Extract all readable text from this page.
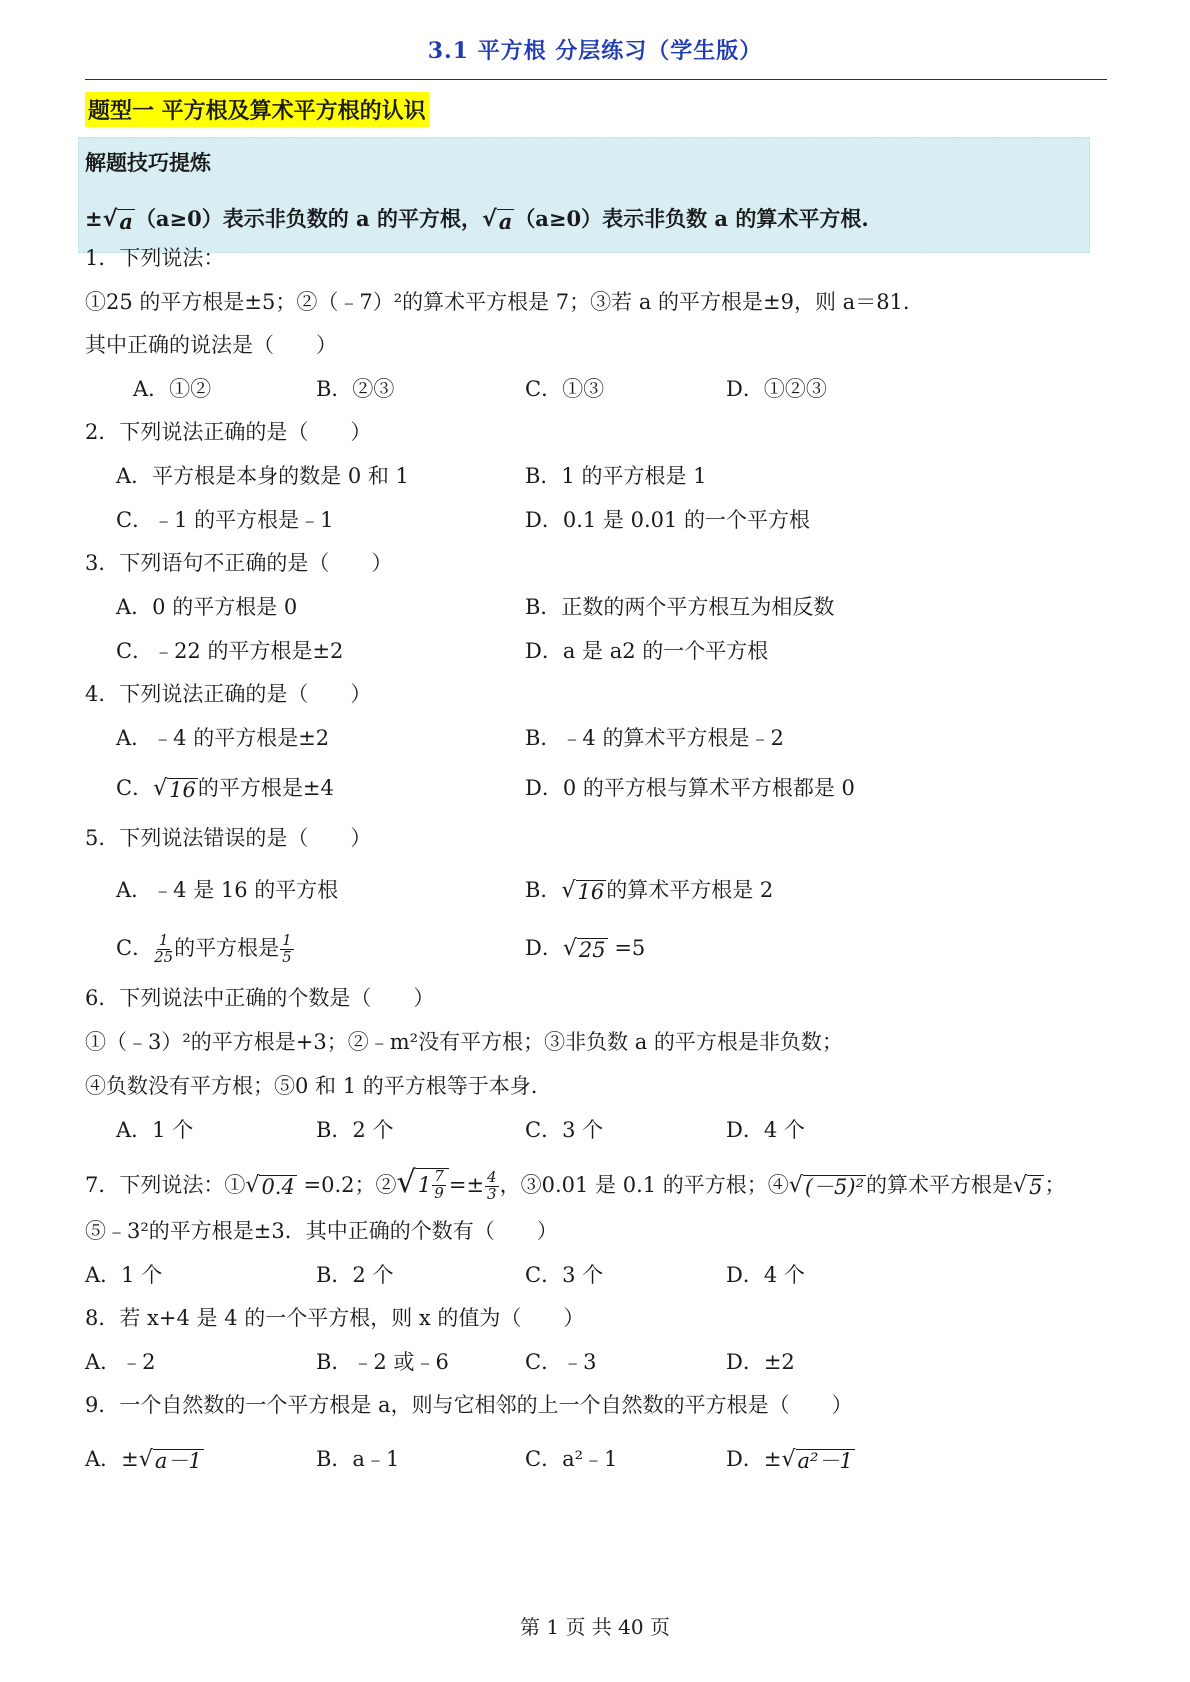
3.1 平方根 分层练习（学生版）
题型一 平方根及算术平方根的认识
解题技巧提炼
± √ a （a≥0）表示非负数的 a 的平方根， √ a （a≥0）表示非负数 a 的算术平方根.
1．下列说法：
①25 的平方根是±5；②（﹣7）²的算术平方根是 7；③若 a 的平方根是±9，则 a＝81.
其中正确的说法是（　　）
A．①②	B．②③	C．①③	D．①②③
2．下列说法正确的是（　　）
A．平方根是本身的数是 0 和 1	B．1 的平方根是 1
C．﹣1 的平方根是﹣1	D．0.1 是 0.01 的一个平方根
3．下列语句不正确的是（　　）
A．0 的平方根是 0	B．正数的两个平方根互为相反数
C．﹣22 的平方根是±2	D．a 是 a2 的一个平方根
4．下列说法正确的是（　　）
A．﹣4 的平方根是±2	B．﹣4 的算术平方根是﹣2
C． √ 16 的平方根是±4	D．0 的平方根与算术平方根都是 0
5．下列说法错误的是（　　）
A．﹣4 是 16 的平方根	B． √ 16 的算术平方根是 2
C． $\frac{1}{25}$ 的平方根是 $\frac{1}{5}$	D． √ 25 =5
6．下列说法中正确的个数是（　　）
①（﹣3）²的平方根是+3；②﹣m²没有平方根；③非负数 a 的平方根是非负数；
④负数没有平方根；⑤0 和 1 的平方根等于本身.
A．1 个	B．2 个	C．3 个	D．4 个
7．下列说法：① √ 0.4 =0.2；② √ $1 \frac{7}{9} =\pm \frac{4}{3}$ ，③0.01 是 0.1 的平方根；④ √ (－5)² 的算术平方根是 √ 5 ；
⑤﹣3²的平方根是±3．其中正确的个数有（　　）
A．1 个	B．2 个	C．3 个	D．4 个
8．若 x+4 是 4 的一个平方根，则 x 的值为（　　）
A．﹣2	B．﹣2 或﹣6	C．﹣3	D．±2
9．一个自然数的一个平方根是 a，则与它相邻的上一个自然数的平方根是（　　）
A．± √ a－1	B．a﹣1	C．a²﹣1	D．± √ a²－1
第 1 页 共 40 页
